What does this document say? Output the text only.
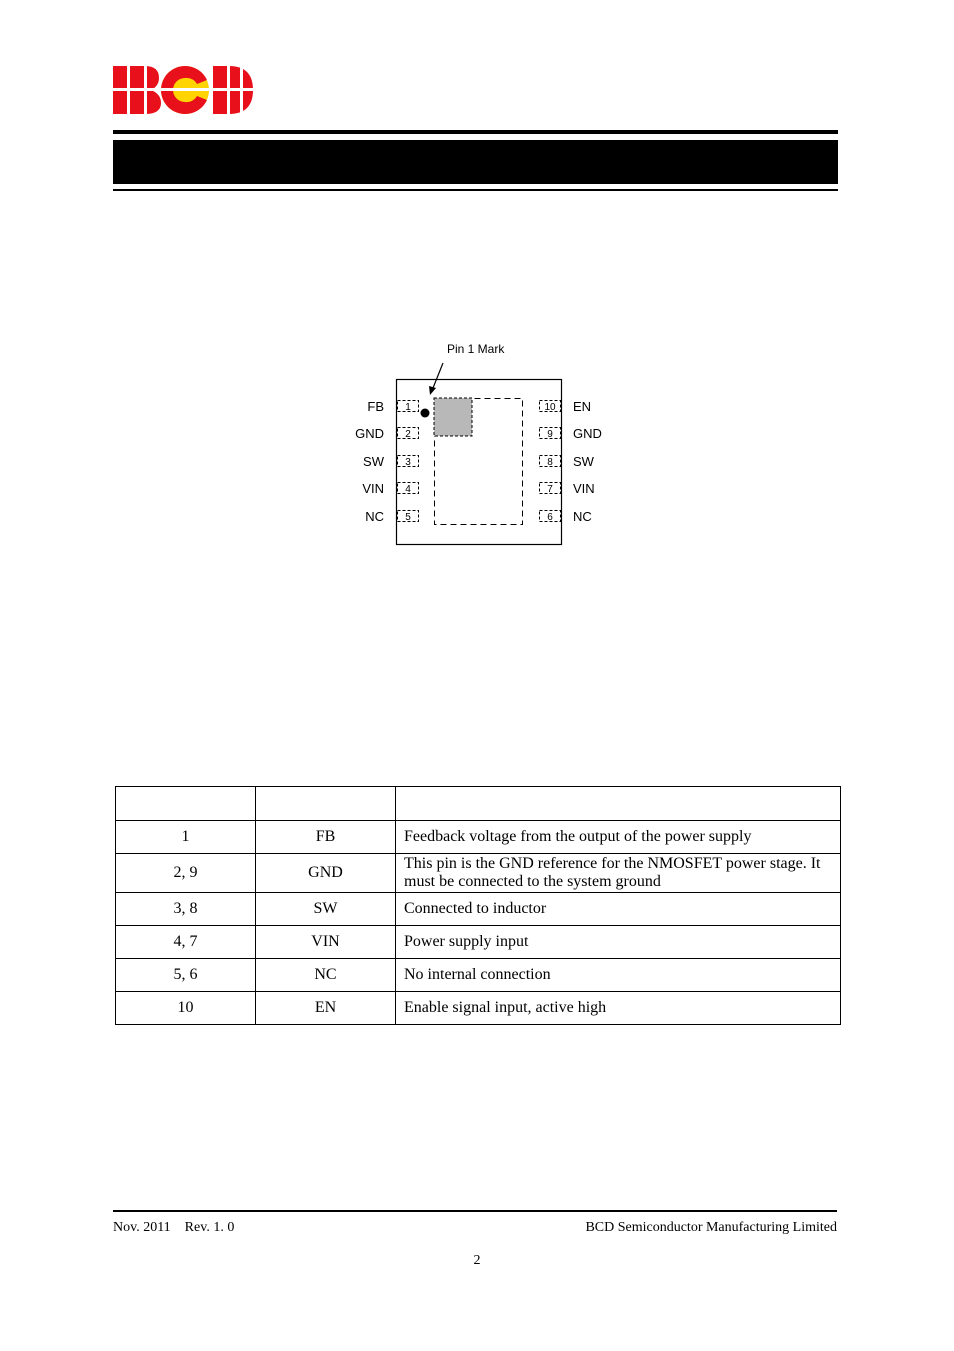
Pin 1 Mark
1
FB
2
GND
3
SW
4
VIN
5
NC
10 EN
9 GND
8 SW
7 VIN
6 NC

1	FB	Feedback voltage from the output of the power supply
2, 9	GND	This pin is the GND reference for the NMOSFET power stage. It must be connected to the system ground
3, 8	SW	Connected to inductor
4, 7	VIN	Power supply input
5, 6	NC	No internal connection
10	EN	Enable signal input, active high
Nov. 2011    Rev. 1. 0	BCD Semiconductor Manufacturing Limited
2
